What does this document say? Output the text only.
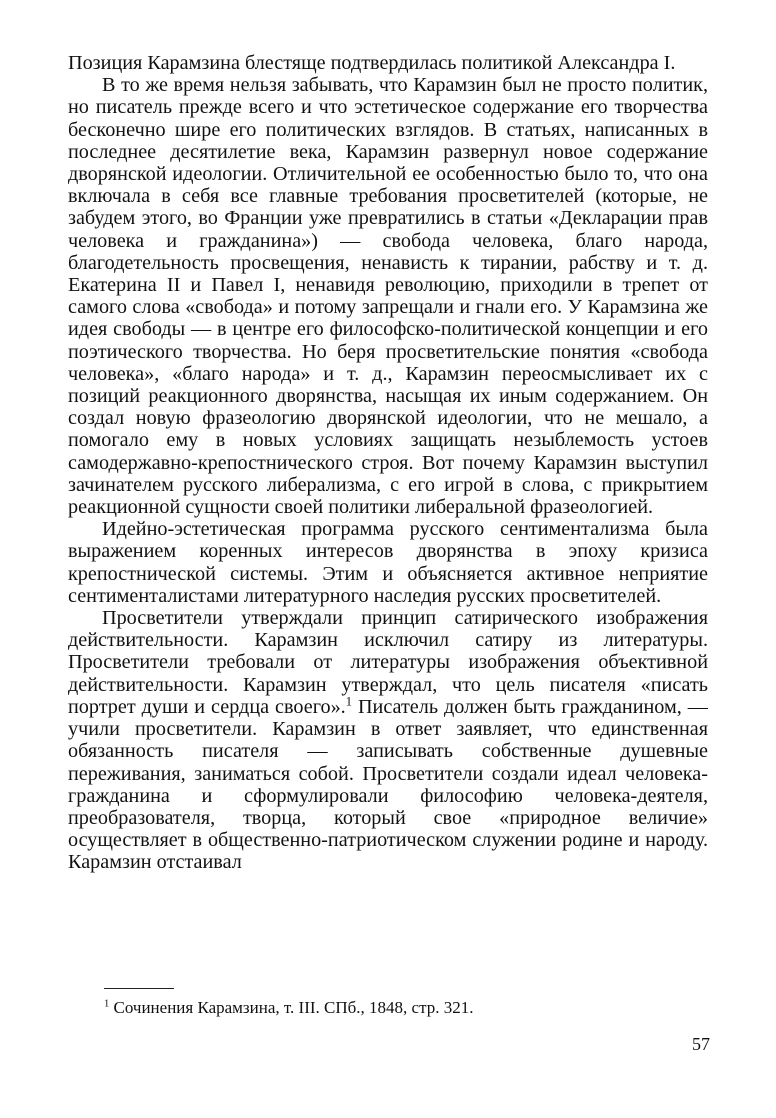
Позиция Карамзина блестяще подтвердилась политикой Александра I.

В то же время нельзя забывать, что Карамзин был не просто политик, но писатель прежде всего и что эстетическое содержание его творчества бесконечно шире его политических взглядов. В статьях, написанных в последнее десятилетие века, Карамзин развернул новое содержание дворянской идеологии. Отличительной ее особенностью было то, что она включала в себя все главные требования просветителей (которые, не забудем этого, во Франции уже превратились в статьи «Декларации прав человека и гражданина») — свобода человека, благо народа, благодетельность просвещения, ненависть к тирании, рабству и т. д. Екатерина II и Павел I, ненавидя революцию, приходили в трепет от самого слова «свобода» и потому запрещали и гнали его. У Карамзина же идея свободы — в центре его философско-политической концепции и его поэтического творчества. Но беря просветительские понятия «свобода человека», «благо народа» и т. д., Карамзин переосмысливает их с позиций реакционного дворянства, насыщая их иным содержанием. Он создал новую фразеологию дворянской идеологии, что не мешало, а помогало ему в новых условиях защищать незыблемость устоев самодержавно-крепостнического строя. Вот почему Карамзин выступил зачинателем русского либерализма, с его игрой в слова, с прикрытием реакционной сущности своей политики либеральной фразеологией.

Идейно-эстетическая программа русского сентиментализма была выражением коренных интересов дворянства в эпоху кризиса крепостнической системы. Этим и объясняется активное неприятие сентименталистами литературного наследия русских просветителей.

Просветители утверждали принцип сатирического изображения действительности. Карамзин исключил сатиру из литературы. Просветители требовали от литературы изображения объективной действительности. Карамзин утверждал, что цель писателя «писать портрет души и сердца своего».$^1$ Писатель должен быть гражданином, — учили просветители. Карамзин в ответ заявляет, что единственная обязанность писателя — записывать собственные душевные переживания, заниматься собой. Просветители создали идеал человека-гражданина и сформулировали философию человека-деятеля, преобразователя, творца, который свое «природное величие» осуществляет в общественно-патриотическом служении родине и народу. Карамзин отстаивал

$^1$ Сочинения Карамзина, т. III. СПб., 1848, стр. 321.
57
